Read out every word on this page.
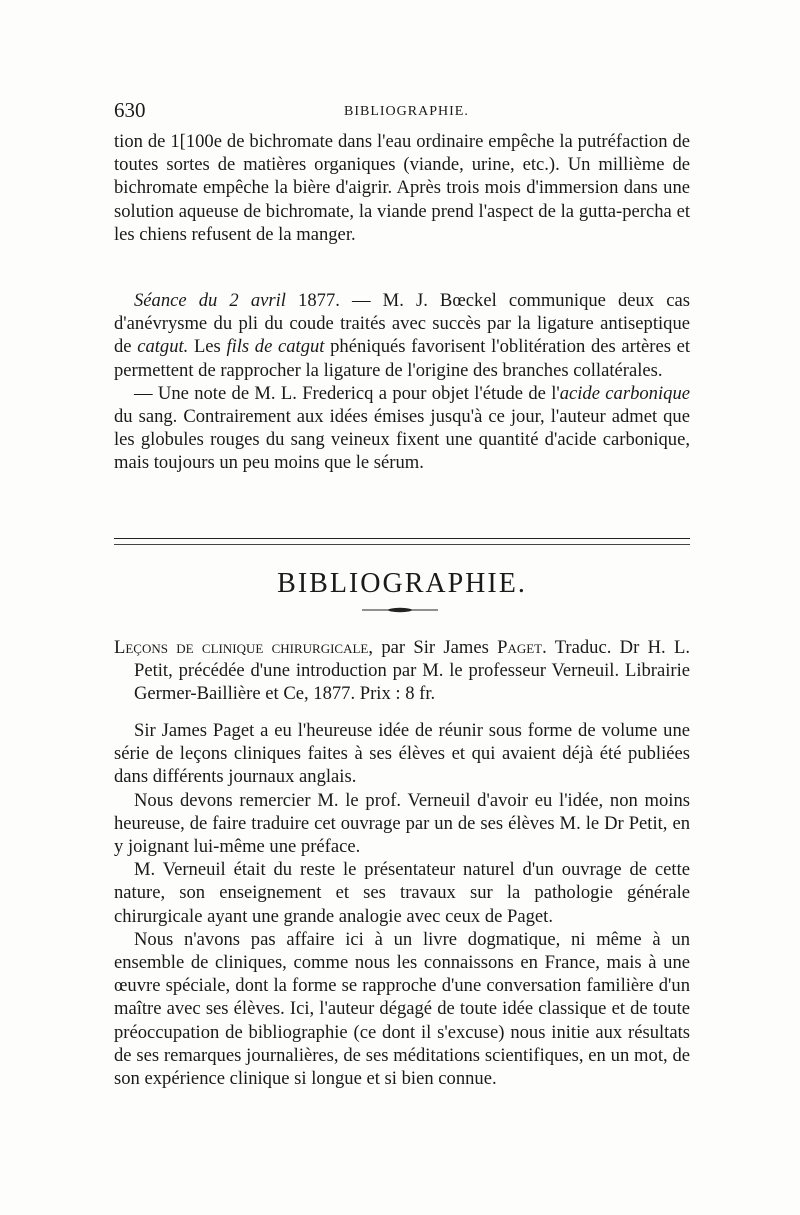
630	BIBLIOGRAPHIE.

tion de 1[100e de bichromate dans l'eau ordinaire empêche la putréfaction de toutes sortes de matières organiques (viande, urine, etc.). Un millième de bichromate empêche la bière d'aigrir. Après trois mois d'immersion dans une solution aqueuse de bichromate, la viande prend l'aspect de la gutta-percha et les chiens refusent de la manger.

Séance du 2 avril 1877. — M. J. Bœckel communique deux cas d'anévrysme du pli du coude traités avec succès par la ligature antiseptique de catgut. Les fils de catgut phéniqués favorisent l'oblitération des artères et permettent de rapprocher la ligature de l'origine des branches collatérales.

— Une note de M. L. Fredericq a pour objet l'étude de l'acide carbonique du sang. Contrairement aux idées émises jusqu'à ce jour, l'auteur admet que les globules rouges du sang veineux fixent une quantité d'acide carbonique, mais toujours un peu moins que le sérum.

BIBLIOGRAPHIE.

Leçons de clinique chirurgicale, par Sir James Paget. Traduc. Dr H. L. Petit, précédée d'une introduction par M. le professeur Verneuil. Librairie Germer-Baillière et Ce, 1877. Prix : 8 fr.

Sir James Paget a eu l'heureuse idée de réunir sous forme de volume une série de leçons cliniques faites à ses élèves et qui avaient déjà été publiées dans différents journaux anglais.

Nous devons remercier M. le prof. Verneuil d'avoir eu l'idée, non moins heureuse, de faire traduire cet ouvrage par un de ses élèves M. le Dr Petit, en y joignant lui-même une préface.

M. Verneuil était du reste le présentateur naturel d'un ouvrage de cette nature, son enseignement et ses travaux sur la pathologie générale chirurgicale ayant une grande analogie avec ceux de Paget.

Nous n'avons pas affaire ici à un livre dogmatique, ni même à un ensemble de cliniques, comme nous les connaissons en France, mais à une œuvre spéciale, dont la forme se rapproche d'une conversation familière d'un maître avec ses élèves. Ici, l'auteur dégagé de toute idée classique et de toute préoccupation de bibliographie (ce dont il s'excuse) nous initie aux résultats de ses remarques journalières, de ses méditations scientifiques, en un mot, de son expérience clinique si longue et si bien connue.
